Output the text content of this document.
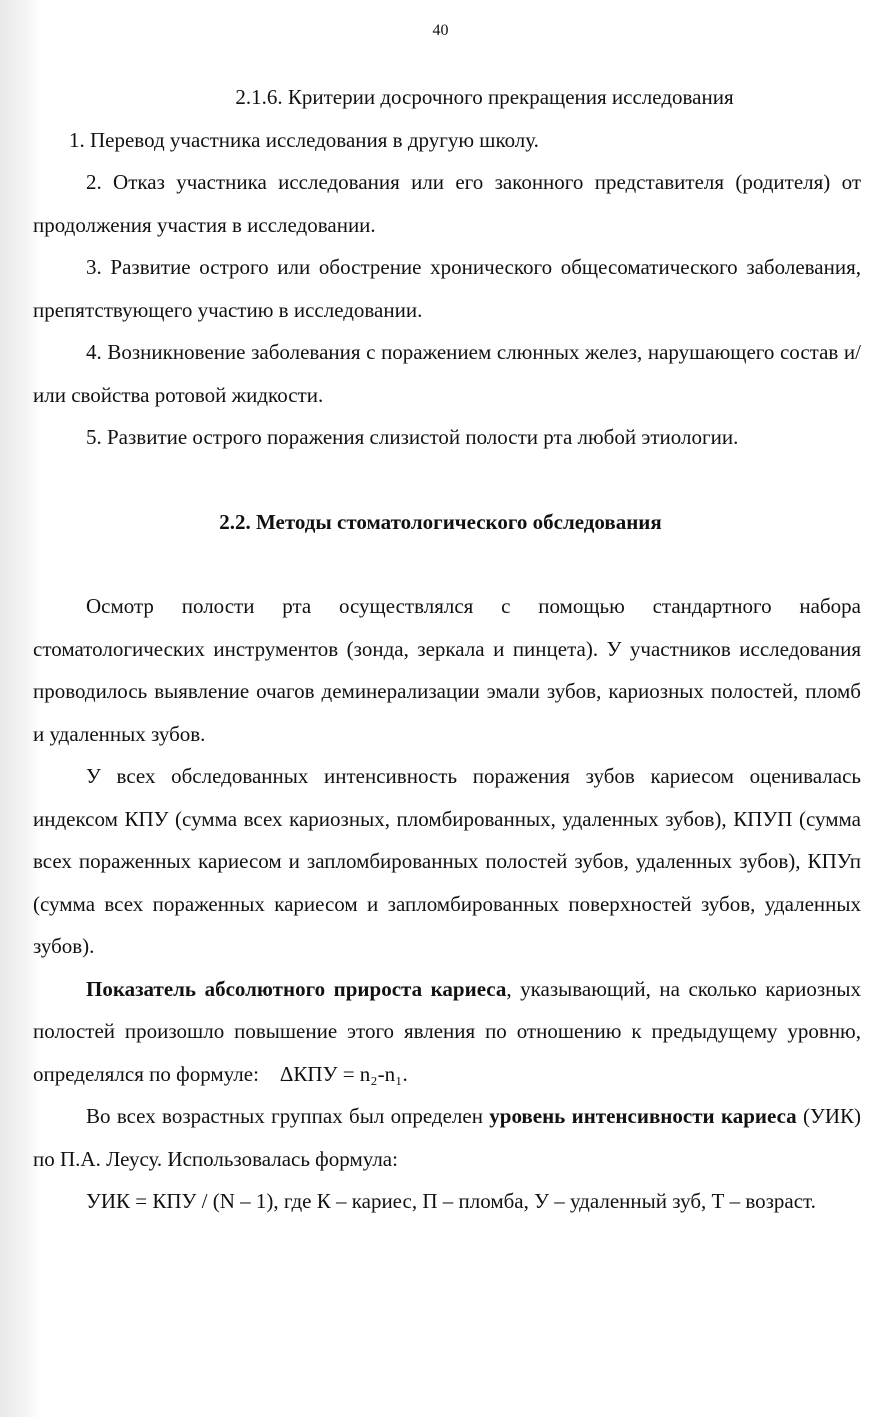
40

2.1.6. Критерии досрочного прекращения исследования

1. Перевод участника исследования в другую школу.

2. Отказ участника исследования или его законного представителя (родителя) от продолжения участия в исследовании.

3. Развитие острого или обострение хронического общесоматического заболевания, препятствующего участию в исследовании.

4. Возникновение заболевания с поражением слюнных желез, нарушающего состав и/или свойства ротовой жидкости.

5. Развитие острого поражения слизистой полости рта любой этиологии.

2.2. Методы стоматологического обследования

Осмотр полости рта осуществлялся с помощью стандартного набора стоматологических инструментов (зонда, зеркала и пинцета). У участников исследования проводилось выявление очагов деминерализации эмали зубов, кариозных полостей, пломб и удаленных зубов.

У всех обследованных интенсивность поражения зубов кариесом оценивалась индексом КПУ (сумма всех кариозных, пломбированных, удаленных зубов), КПУП (сумма всех пораженных кариесом и запломбированных полостей зубов, удаленных зубов), КПУп (сумма всех пораженных кариесом и запломбированных поверхностей зубов, удаленных зубов).

Показатель абсолютного прироста кариеса, указывающий, на сколько кариозных полостей произошло повышение этого явления по отношению к предыдущему уровню, определялся по формуле: ΔКПУ = n₂-n₁.

Во всех возрастных группах был определен уровень интенсивности кариеса (УИК) по П.А. Леусу. Использовалась формула:

УИК = КПУ / (N – 1), где К – кариес, П – пломба, У – удаленный зуб, Т – возраст.
